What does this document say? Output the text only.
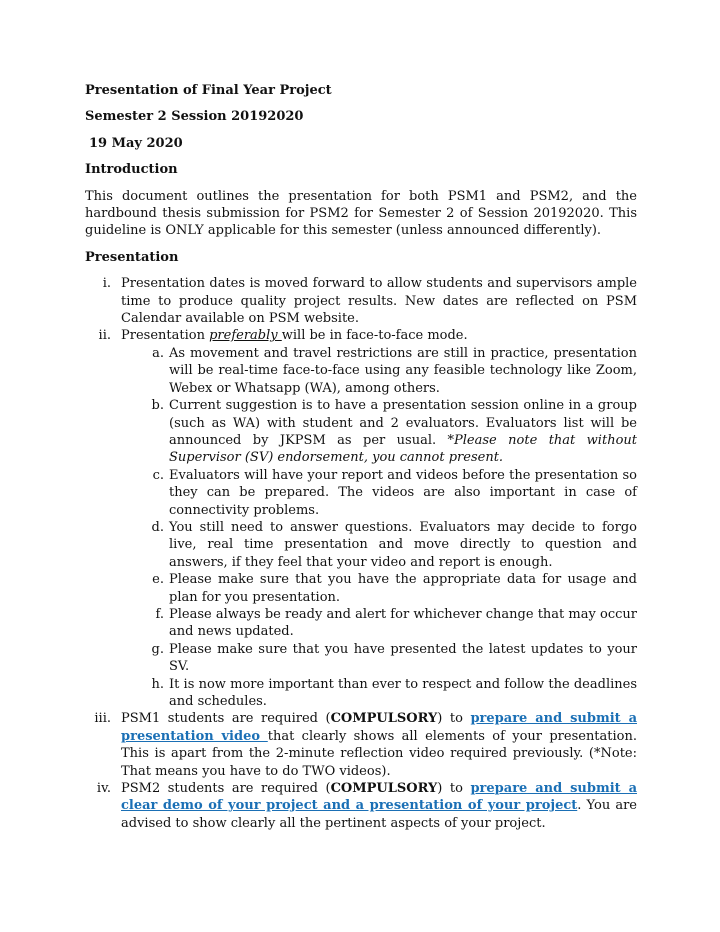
Presentation of Final Year Project

Semester 2 Session 20192020

19 May 2020

Introduction

This document outlines the presentation for both PSM1 and PSM2, and the hardbound thesis submission for PSM2 for Semester 2 of Session 20192020. This guideline is ONLY applicable for this semester (unless announced differently).

Presentation

i. Presentation dates is moved forward to allow students and supervisors ample time to produce quality project results. New dates are reflected on PSM Calendar available on PSM website.
ii. Presentation preferably will be in face-to-face mode.
a. As movement and travel restrictions are still in practice, presentation will be real-time face-to-face using any feasible technology like Zoom, Webex or Whatsapp (WA), among others.
b. Current suggestion is to have a presentation session online in a group (such as WA) with student and 2 evaluators. Evaluators list will be announced by JKPSM as per usual. *Please note that without Supervisor (SV) endorsement, you cannot present.
c. Evaluators will have your report and videos before the presentation so they can be prepared. The videos are also important in case of connectivity problems.
d. You still need to answer questions. Evaluators may decide to forgo live, real time presentation and move directly to question and answers, if they feel that your video and report is enough.
e. Please make sure that you have the appropriate data for usage and plan for you presentation.
f. Please always be ready and alert for whichever change that may occur and news updated.
g. Please make sure that you have presented the latest updates to your SV.
h. It is now more important than ever to respect and follow the deadlines and schedules.
iii. PSM1 students are required (COMPULSORY) to prepare and submit a presentation video that clearly shows all elements of your presentation. This is apart from the 2-minute reflection video required previously. (*Note: That means you have to do TWO videos).
iv. PSM2 students are required (COMPULSORY) to prepare and submit a clear demo of your project and a presentation of your project. You are advised to show clearly all the pertinent aspects of your project.
